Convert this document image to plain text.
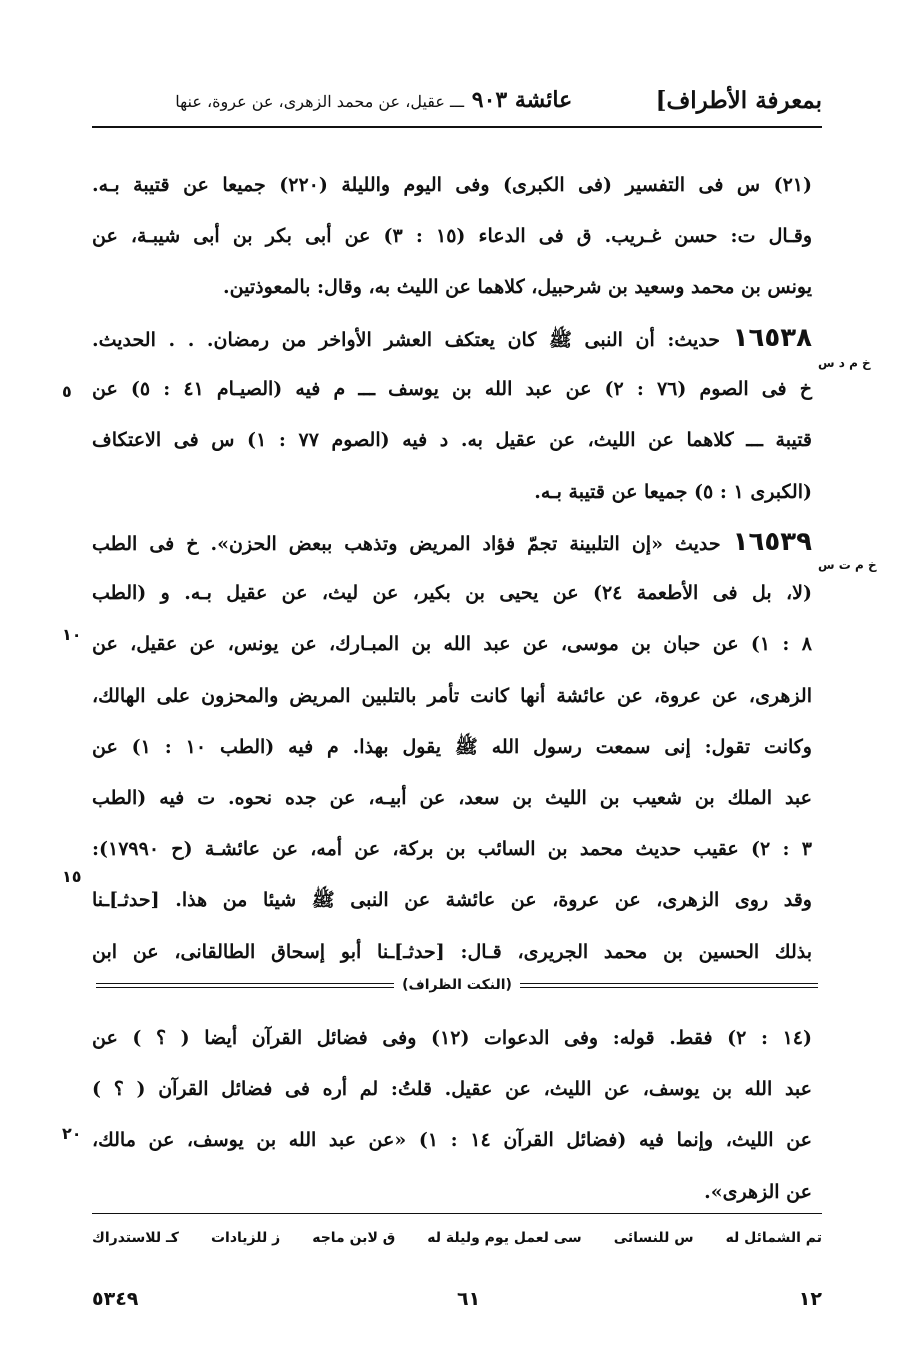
بمعرفة الأطراف]
عائشة ٩٠٣ ـــ عقيل، عن محمد الزهرى، عن عروة، عنها
(٢١) س فى التفسير (فى الكبرى) وفى اليوم والليلة (٢٢٠) جميعا عن قتيبة بـه.
وقـال ت: حسن غـريب. ق فى الدعاء (١٥ : ٣) عن أبى بكر بن أبى شيبـة، عن
يونس بن محمد وسعيد بن شرحبيل، كلاهما عن الليث به، وقال: بالمعوذتين.
١٦٥٣٨ حديث: أن النبى ﷺ كان يعتكف العشر الأواخر من رمضان. . . الحديث.
خ فى الصوم (٧٦ : ٢) عن عبد الله بن يوسف ـــ م فيه (الصيـام ٤١ : ٥) عن
قتيبة ـــ كلاهما عن الليث، عن عقيل به. د فيه (الصوم ٧٧ : ١) س فى الاعتكاف
(الكبرى ١ : ٥) جميعا عن قتيبة بـه.
خ م د س
١٦٥٣٩ حديث «إن التلبينة تجمّ فؤاد المريض وتذهب ببعض الحزن». خ فى الطب
(لا، بل فى الأطعمة ٢٤) عن يحيى بن بكير، عن ليث، عن عقيل بـه. و (الطب
٨ : ١) عن حبان بن موسى، عن عبد الله بن المبـارك، عن يونس، عن عقيل، عن
الزهرى، عن عروة، عن عائشة أنها كانت تأمر بالتلبين المريض والمحزون على الهالك،
وكانت تقول: إنى سمعت رسول الله ﷺ يقول بهذا. م فيه (الطب ١٠ : ١) عن
عبد الملك بن شعيب بن الليث بن سعد، عن أبيـه، عن جده نحوه. ت فيه (الطب
٣ : ٢) عقيب حديث محمد بن السائب بن بركة، عن أمه، عن عائشـة (ح ١٧٩٩٠):
وقد روى الزهرى، عن عروة، عن عائشة عن النبى ﷺ شيئا من هذا. [حدثـ]ـنا
بذلك الحسين بن محمد الجريرى، قـال: [حدثـ]ـنا أبو إسحاق الطالقانى، عن ابن
خ م ت س
٥
١٠
١٥
٢٠
(النكت الظراف)
(١٤ : ٢) فقط. قوله: وفى الدعوات (١٢) وفى فضائل القرآن أيضا ( ؟ ) عن
عبد الله بن يوسف، عن الليث، عن عقيل. قلتُ: لم أره فى فضائل القرآن ( ؟ )
عن الليث، وإنما فيه (فضائل القرآن ١٤ : ١) «عن عبد الله بن يوسف، عن مالك،
عن الزهرى».
تم الشمائل له
س للنسائى
سى لعمل يوم وليلة له
ق لابن ماجه
ز للزيادات
كـ للاستدراك
١٢
٦١
٥٣٤٩
